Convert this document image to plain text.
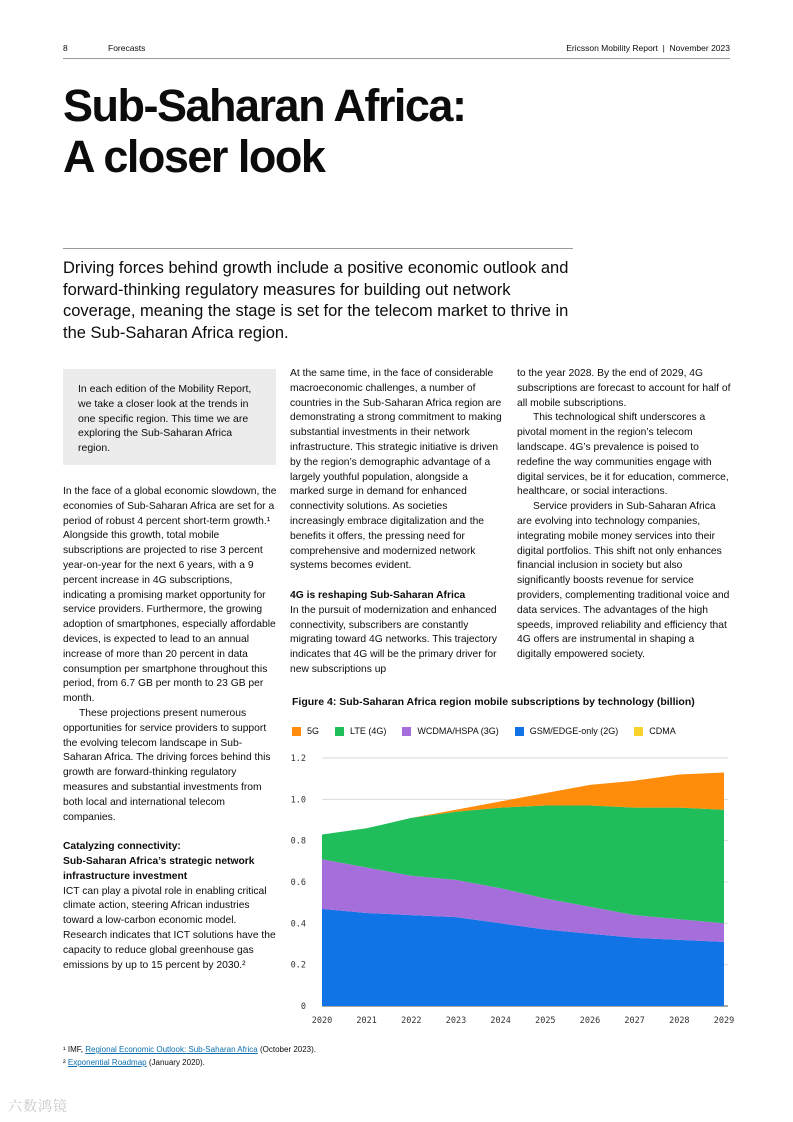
8	Forecasts	Ericsson Mobility Report  |  November 2023
Sub-Saharan Africa:
A closer look

Driving forces behind growth include a positive economic outlook and forward-thinking regulatory measures for building out network coverage, meaning the stage is set for the telecom market to thrive in the Sub-Saharan Africa region.

In each edition of the Mobility Report, we take a closer look at the trends in one specific region. This time we are exploring the Sub-Saharan Africa region.

In the face of a global economic slowdown, the economies of Sub-Saharan Africa are set for a period of robust 4 percent short-term growth.¹ Alongside this growth, total mobile subscriptions are projected to rise 3 percent year-on-year for the next 6 years, with a 9 percent increase in 4G subscriptions, indicating a promising market opportunity for service providers. Furthermore, the growing adoption of smartphones, especially affordable devices, is expected to lead to an annual increase of more than 20 percent in data consumption per smartphone throughout this period, from 6.7 GB per month to 23 GB per month.

These projections present numerous opportunities for service providers to support the evolving telecom landscape in Sub-Saharan Africa. The driving forces behind this growth are forward-thinking regulatory measures and substantial investments from both local and international telecom companies.

Catalyzing connectivity:
Sub-Saharan Africa’s strategic network infrastructure investment

ICT can play a pivotal role in enabling critical climate action, steering African industries toward a low-carbon economic model. Research indicates that ICT solutions have the capacity to reduce global greenhouse gas emissions by up to 15 percent by 2030.²

At the same time, in the face of considerable macroeconomic challenges, a number of countries in the Sub-Saharan Africa region are demonstrating a strong commitment to making substantial investments in their network infrastructure. This strategic initiative is driven by the region’s demographic advantage of a largely youthful population, alongside a marked surge in demand for enhanced connectivity solutions. As societies increasingly embrace digitalization and the benefits it offers, the pressing need for comprehensive and modernized network systems becomes evident.

4G is reshaping Sub-Saharan Africa

In the pursuit of modernization and enhanced connectivity, subscribers are constantly migrating toward 4G networks. This trajectory indicates that 4G will be the primary driver for new subscriptions up

to the year 2028. By the end of 2029, 4G subscriptions are forecast to account for half of all mobile subscriptions.

This technological shift underscores a pivotal moment in the region’s telecom landscape. 4G’s prevalence is poised to redefine the way communities engage with digital services, be it for education, commerce, healthcare, or social interactions.

Service providers in Sub-Saharan Africa are evolving into technology companies, integrating mobile money services into their digital portfolios. This shift not only enhances financial inclusion in society but also significantly boosts revenue for service providers, complementing traditional voice and data services. The advantages of the high speeds, improved reliability and efficiency that 4G offers are instrumental in shaping a digitally empowered society.

Figure 4: Sub-Saharan Africa region mobile subscriptions by technology (billion)

5G	LTE (4G)	WCDMA/HSPA (3G)	GSM/EDGE-only (2G)	CDMA
0
0.2
0.4
0.6
0.8
1.0
1.2
2020	2021	2022	2023	2024	2025	2026	2027	2028	2029

¹ IMF, Regional Economic Outlook: Sub-Saharan Africa (October 2023).

² Exponential Roadmap (January 2020).

六数鸿镜
